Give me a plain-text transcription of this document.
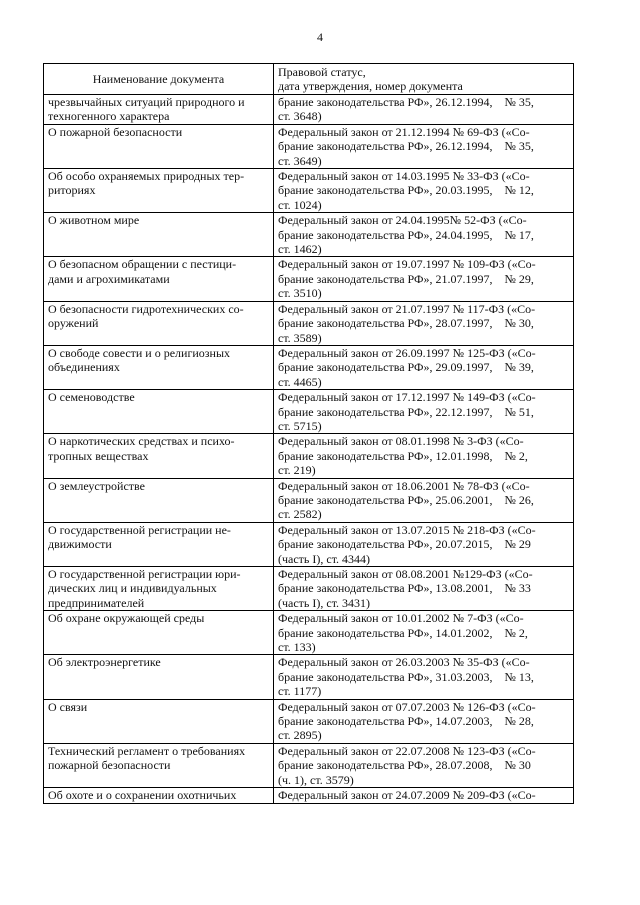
4
Наименование документа	Правовой статус,
дата утверждения, номер документа
чрезвычайных ситуаций природного и
техногенного характера	брание законодательства РФ», 26.12.1994,    № 35,
ст. 3648)
О пожарной безопасности	Федеральный закон от 21.12.1994 № 69-ФЗ («Со-
брание законодательства РФ», 26.12.1994,    № 35,
ст. 3649)
Об особо охраняемых природных тер-
риториях	Федеральный закон от 14.03.1995 № 33-ФЗ («Со-
брание законодательства РФ», 20.03.1995,    № 12,
ст. 1024)
О животном мире	Федеральный закон от 24.04.1995№ 52-ФЗ («Со-
брание законодательства РФ», 24.04.1995,    № 17,
ст. 1462)
О безопасном обращении с пестици-
дами и агрохимикатами	Федеральный закон от 19.07.1997 № 109-ФЗ («Со-
брание законодательства РФ», 21.07.1997,    № 29,
ст. 3510)
О безопасности гидротехнических со-
оружений	Федеральный закон от 21.07.1997 № 117-ФЗ («Со-
брание законодательства РФ», 28.07.1997,    № 30,
ст. 3589)
О свободе совести и о религиозных
объединениях	Федеральный закон от 26.09.1997 № 125-ФЗ («Со-
брание законодательства РФ», 29.09.1997,    № 39,
ст. 4465)
О семеноводстве	Федеральный закон от 17.12.1997 № 149-ФЗ («Со-
брание законодательства РФ», 22.12.1997,    № 51,
ст. 5715)
О наркотических средствах и психо-
тропных веществах	Федеральный закон от 08.01.1998 № 3-ФЗ («Со-
брание законодательства РФ», 12.01.1998,    № 2,
ст. 219)
О землеустройстве	Федеральный закон от 18.06.2001 № 78-ФЗ («Со-
брание законодательства РФ», 25.06.2001,    № 26,
ст. 2582)
О государственной регистрации не-
движимости	Федеральный закон от 13.07.2015 № 218-ФЗ («Со-
брание законодательства РФ», 20.07.2015,    № 29
(часть I), ст. 4344)
О государственной регистрации юри-
дических лиц и индивидуальных
предпринимателей	Федеральный закон от 08.08.2001 №129-ФЗ («Со-
брание законодательства РФ», 13.08.2001,    № 33
(часть I), ст. 3431)
Об охране окружающей среды	Федеральный закон от 10.01.2002 № 7-ФЗ («Со-
брание законодательства РФ», 14.01.2002,    № 2,
ст. 133)
Об электроэнергетике	Федеральный закон от 26.03.2003 № 35-ФЗ («Со-
брание законодательства РФ», 31.03.2003,    № 13,
ст. 1177)
О связи	Федеральный закон от 07.07.2003 № 126-ФЗ («Со-
брание законодательства РФ», 14.07.2003,    № 28,
ст. 2895)
Технический регламент о требованиях
пожарной безопасности	Федеральный закон от 22.07.2008 № 123-ФЗ («Со-
брание законодательства РФ», 28.07.2008,    № 30
(ч. 1), ст. 3579)
Об охоте и о сохранении охотничьих	Федеральный закон от 24.07.2009 № 209-ФЗ («Со-
